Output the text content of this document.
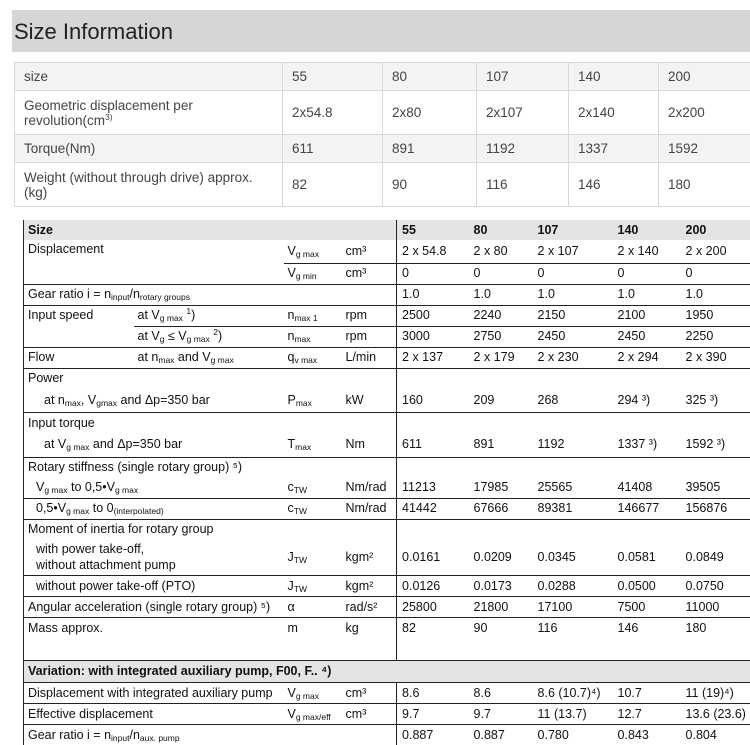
Size Information
size	55	80	107	140	200
Geometric displacement per $revolution(cm^{3)}$	2x54.8	2x80	2x107	2x140	2x200
Torque(Nm)	611	891	1192	1337	1592
Weight (without through drive) approx. (kg)	82	90	116	146	180
Size				55	80	107	140	200
Displacement		$V_{g max}$	cm³	2 x 54.8	2 x 80	2 x 107	2 x 140	2 x 200
		$V_{g min}$	cm³	0	0	0	0	0
Gear ratio $i = n_{input}/n_{rotary groups}$				1.0	1.0	1.0	1.0	1.0
Input speed	at $V_{g max}$ $^1$)	$n_{max 1}$	rpm	2500	2240	2150	2100	1950
	at $V_g \le V_{g max}$ $^2$)	$n_{max}$	rpm	3000	2750	2450	2450	2250
Flow	at $n_{max}$ and $V_{g max}$	$q_{v max}$	L/min	2 x 137	2 x 179	2 x 230	2 x 294	2 x 390
Power								
at $n_{max}$, $V_{gmax}$ and Δp=350 bar		$P_{max}$	kW	160	209	268	294 ³)	325 ³)
Input torque								
at $V_{g max}$ and Δp=350 bar		$T_{max}$	Nm	611	891	1192	1337 ³)	1592 ³)
Rotary stiffness (single rotary group) ⁵)								
$V_{g max}$ to $0,5•V_{g max}$		$c_{TW}$	Nm/rad	11213	17985	25565	41408	39505
$0,5•V_{g max}$ to $0_{(interpolated)}$		$c_{TW}$	Nm/rad	41442	67666	89381	146677	156876
Moment of inertia for rotary group								
with power take-off,
without attachment pump		$J_{TW}$	kgm²	0.0161	0.0209	0.0345	0.0581	0.0849
without power take-off (PTO)		$J_{TW}$	kgm²	0.0126	0.0173	0.0288	0.0500	0.0750
Angular acceleration (single rotary group) ⁵)		α	rad/s²	25800	21800	17100	7500	11000
Mass approx.		m	kg	82	90	116	146	180

Variation: with integrated auxiliary pump, F00, F.. ⁴)								
Displacement with integrated auxiliary pump		$V_{g max}$	cm³	8.6	8.6	8.6 (10.7)⁴)	10.7	11 (19)⁴)
Effective displacement		$V_{g max/eff}$	cm³	9.7	9.7	11 (13.7)	12.7	13.6 (23.6)
Gear ratio $i = n_{input}/n_{aux. pump}$				0.887	0.887	0.780	0.843	0.804
